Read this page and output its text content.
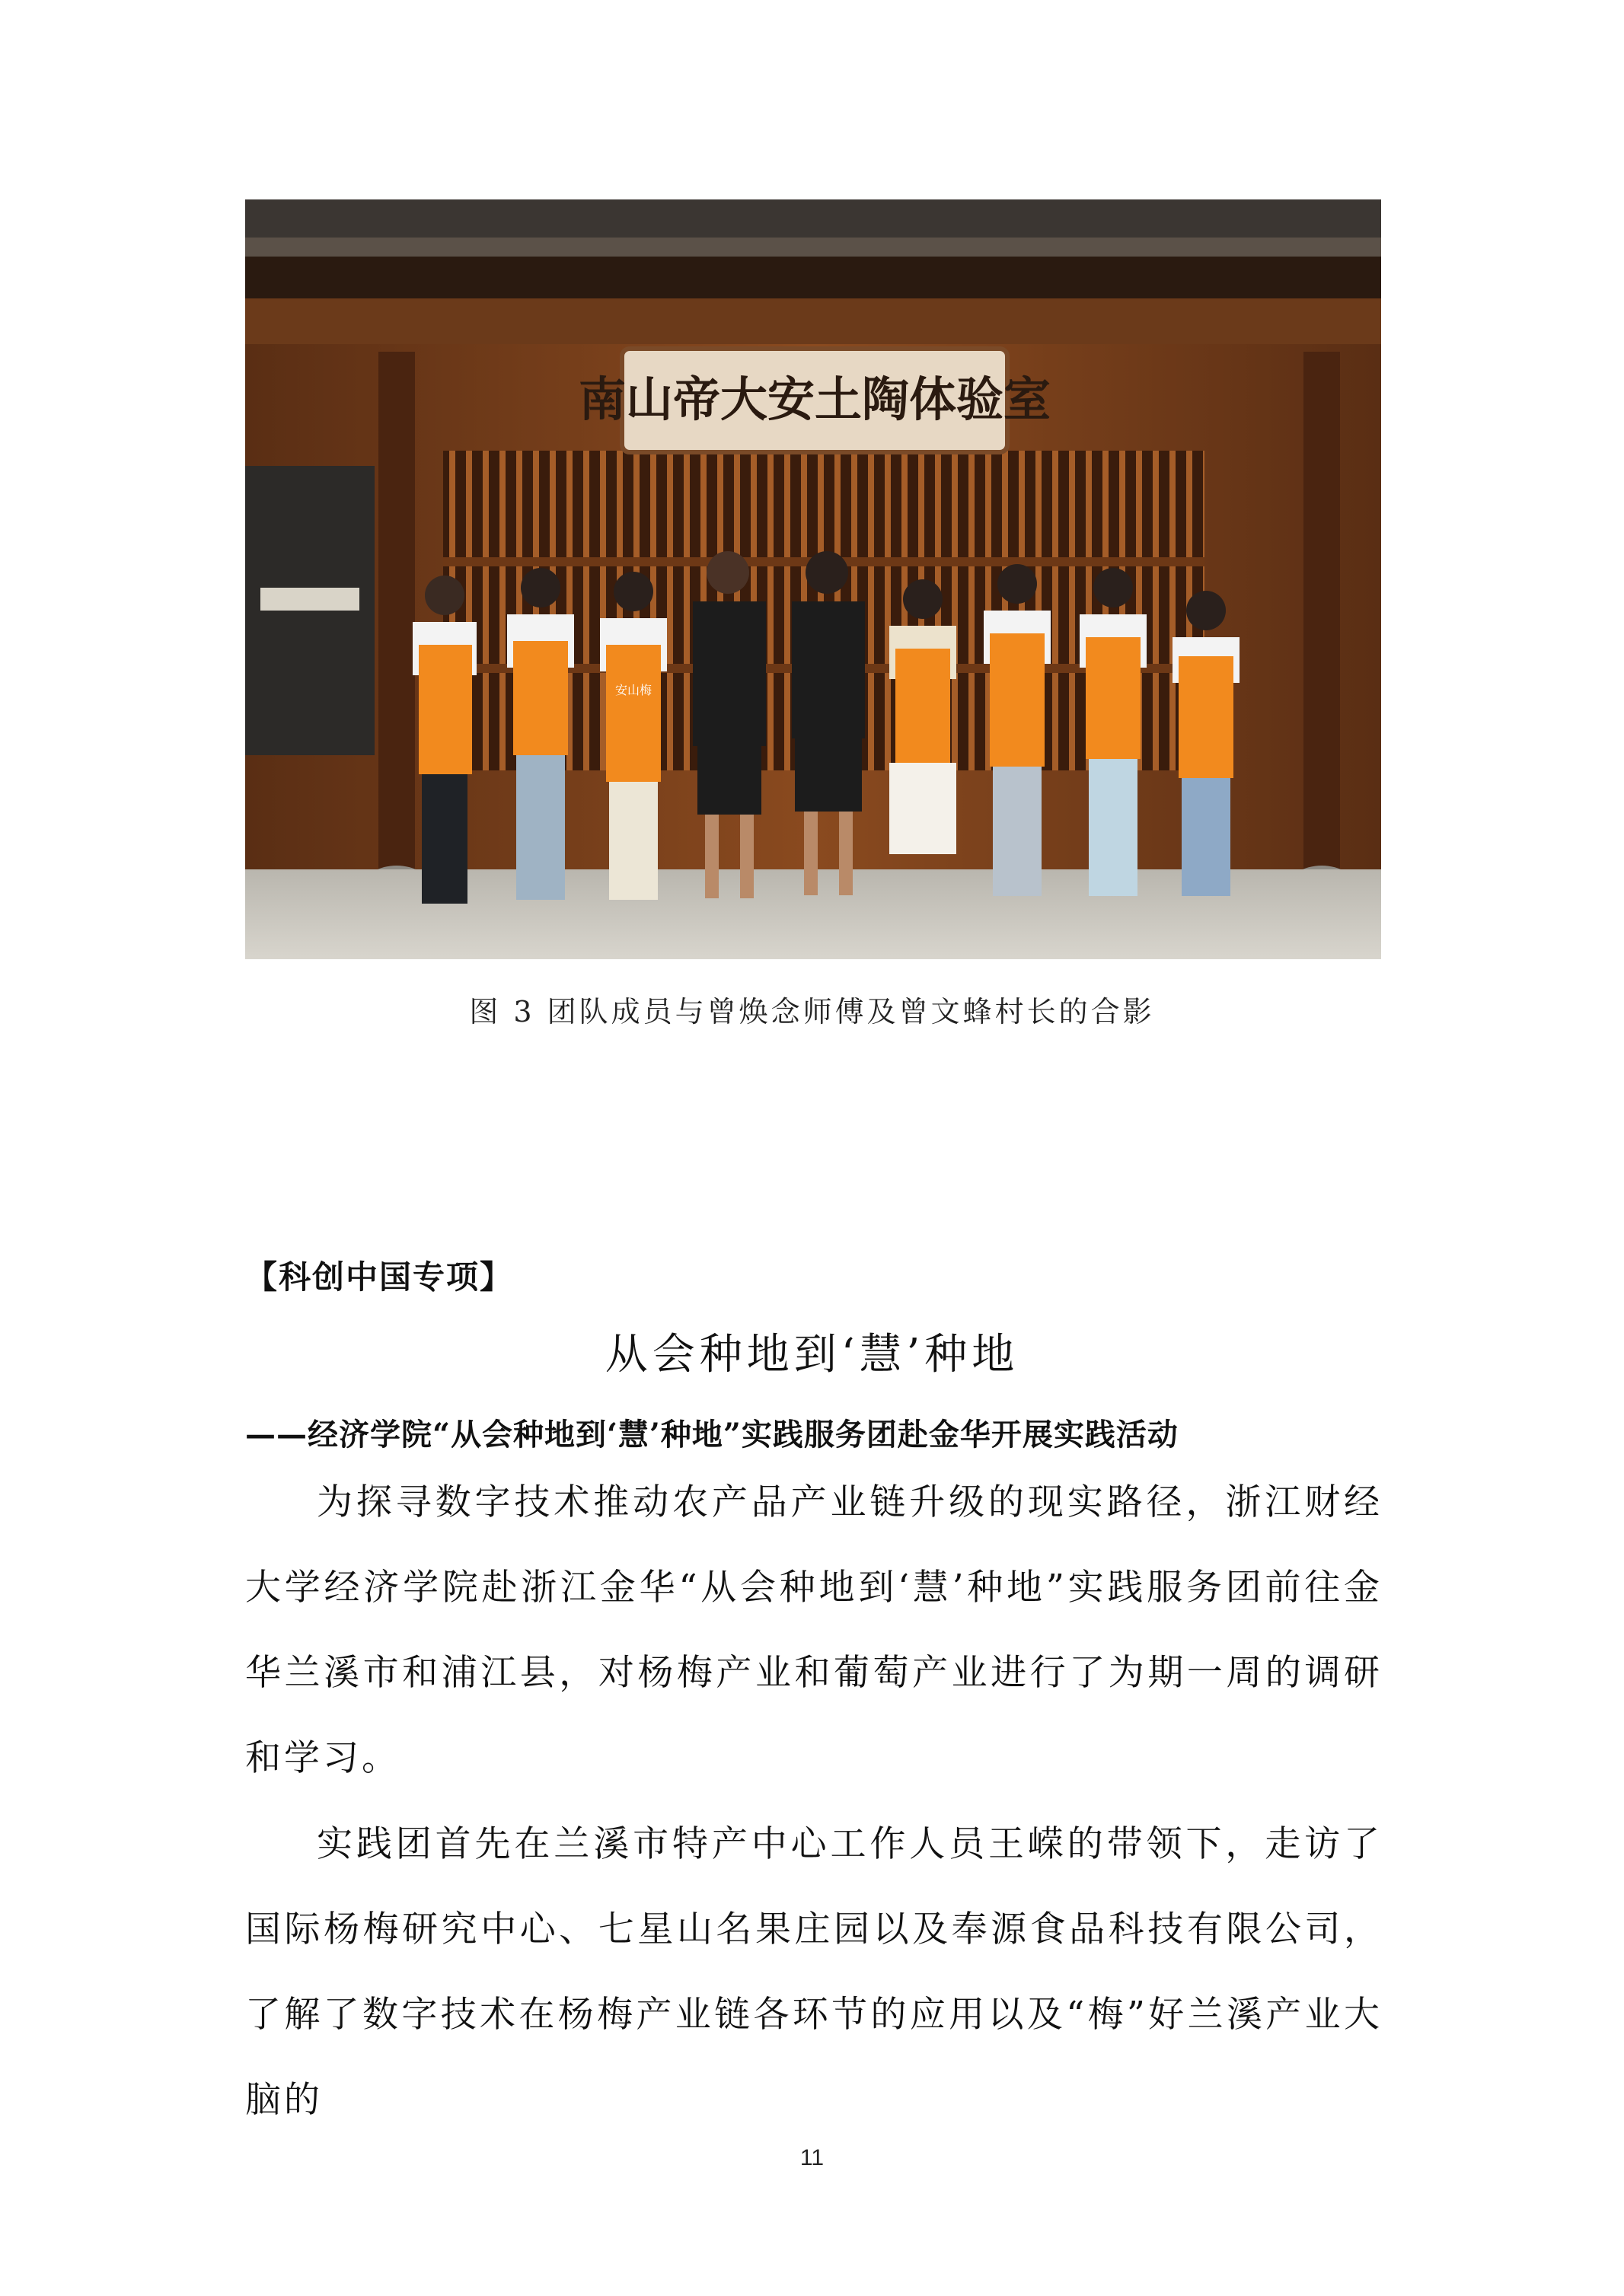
南山帝大安土陶体验室
安山梅
图 3 团队成员与曾焕念师傅及曾文蜂村长的合影
【科创中国专项】
从会种地到‘慧’种地
——经济学院“从会种地到‘慧’种地”实践服务团赴金华开展实践活动

为探寻数字技术推动农产品产业链升级的现实路径，浙江财经大学经济学院赴浙江金华“从会种地到‘慧’种地”实践服务团前往金华兰溪市和浦江县，对杨梅产业和葡萄产业进行了为期一周的调研和学习。

实践团首先在兰溪市特产中心工作人员王嵘的带领下，走访了国际杨梅研究中心、七星山名果庄园以及奉源食品科技有限公司，了解了数字技术在杨梅产业链各环节的应用以及“梅”好兰溪产业大脑的

11
